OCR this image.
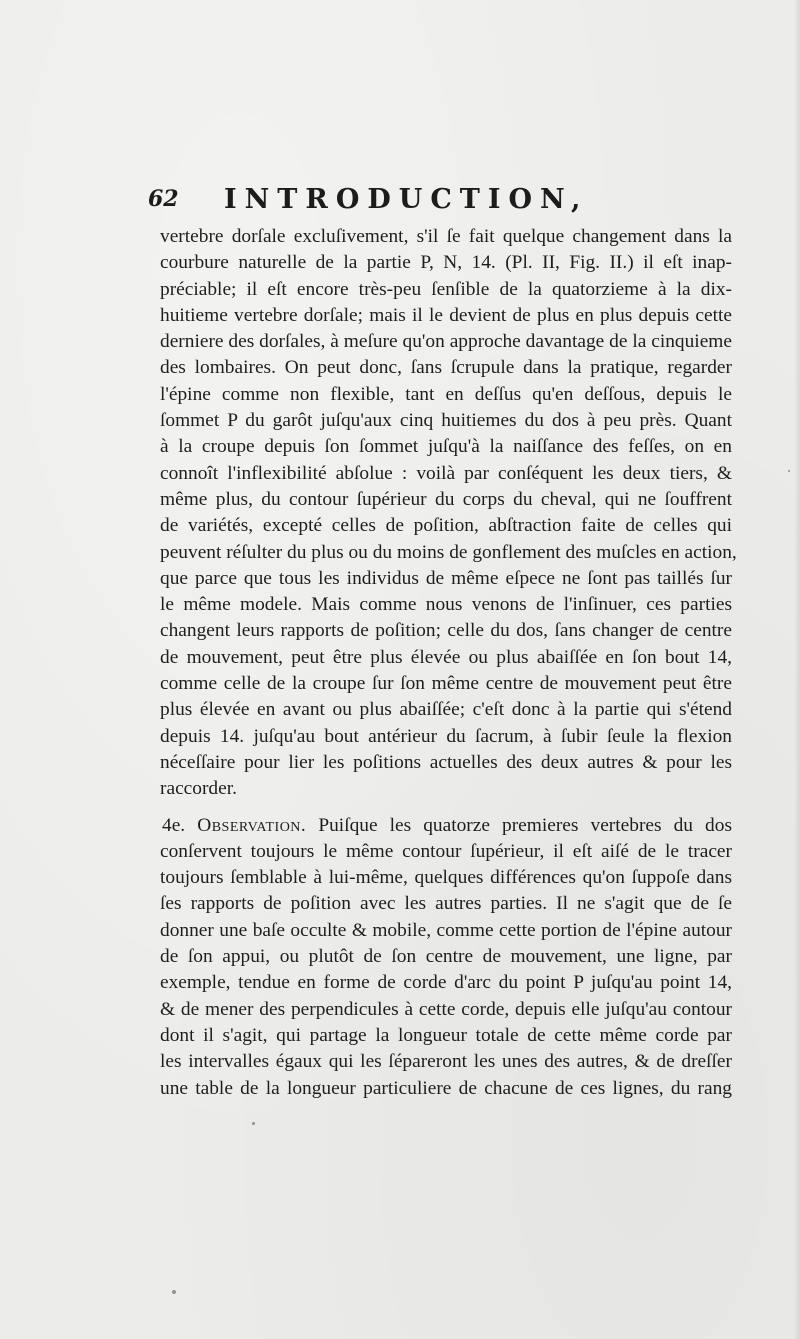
62 INTRODUCTION,
vertebre dorſale excluſivement, s'il ſe fait quelque changement dans la
courbure naturelle de la partie P, N, 14. (Pl. II, Fig. II.) il eſt inap-
préciable; il eſt encore très-peu ſenſible de la quatorzieme à la dix-
huitieme vertebre dorſale; mais il le devient de plus en plus depuis cette
derniere des dorſales, à meſure qu'on approche davantage de la cinquieme
des lombaires. On peut donc, ſans ſcrupule dans la pratique, regarder
l'épine comme non flexible, tant en deſſus qu'en deſſous, depuis le
ſommet P du garôt juſqu'aux cinq huitiemes du dos à peu près. Quant
à la croupe depuis ſon ſommet juſqu'à la naiſſance des feſſes, on en
connoît l'inflexibilité abſolue : voilà par conſéquent les deux tiers, &
même plus, du contour ſupérieur du corps du cheval, qui ne ſouffrent
de variétés, excepté celles de poſition, abſtraction faite de celles qui
peuvent réſulter du plus ou du moins de gonflement des muſcles en action,
que parce que tous les individus de même eſpece ne ſont pas taillés ſur
le même modele. Mais comme nous venons de l'inſinuer, ces parties
changent leurs rapports de poſition; celle du dos, ſans changer de centre
de mouvement, peut être plus élevée ou plus abaiſſée en ſon bout 14,
comme celle de la croupe ſur ſon même centre de mouvement peut être
plus élevée en avant ou plus abaiſſée; c'eſt donc à la partie qui s'étend
depuis 14. juſqu'au bout antérieur du ſacrum, à ſubir ſeule la flexion
néceſſaire pour lier les poſitions actuelles des deux autres & pour les
raccorder.
4e. Observation. Puiſque les quatorze premieres vertebres du dos
conſervent toujours le même contour ſupérieur, il eſt aiſé de le tracer
toujours ſemblable à lui-même, quelques différences qu'on ſuppoſe dans
ſes rapports de poſition avec les autres parties. Il ne s'agit que de ſe
donner une baſe occulte & mobile, comme cette portion de l'épine autour
de ſon appui, ou plutôt de ſon centre de mouvement, une ligne, par
exemple, tendue en forme de corde d'arc du point P juſqu'au point 14,
& de mener des perpendicules à cette corde, depuis elle juſqu'au contour
dont il s'agit, qui partage la longueur totale de cette même corde par
les intervalles égaux qui les ſépareront les unes des autres, & de dreſſer
une table de la longueur particuliere de chacune de ces lignes, du rang
